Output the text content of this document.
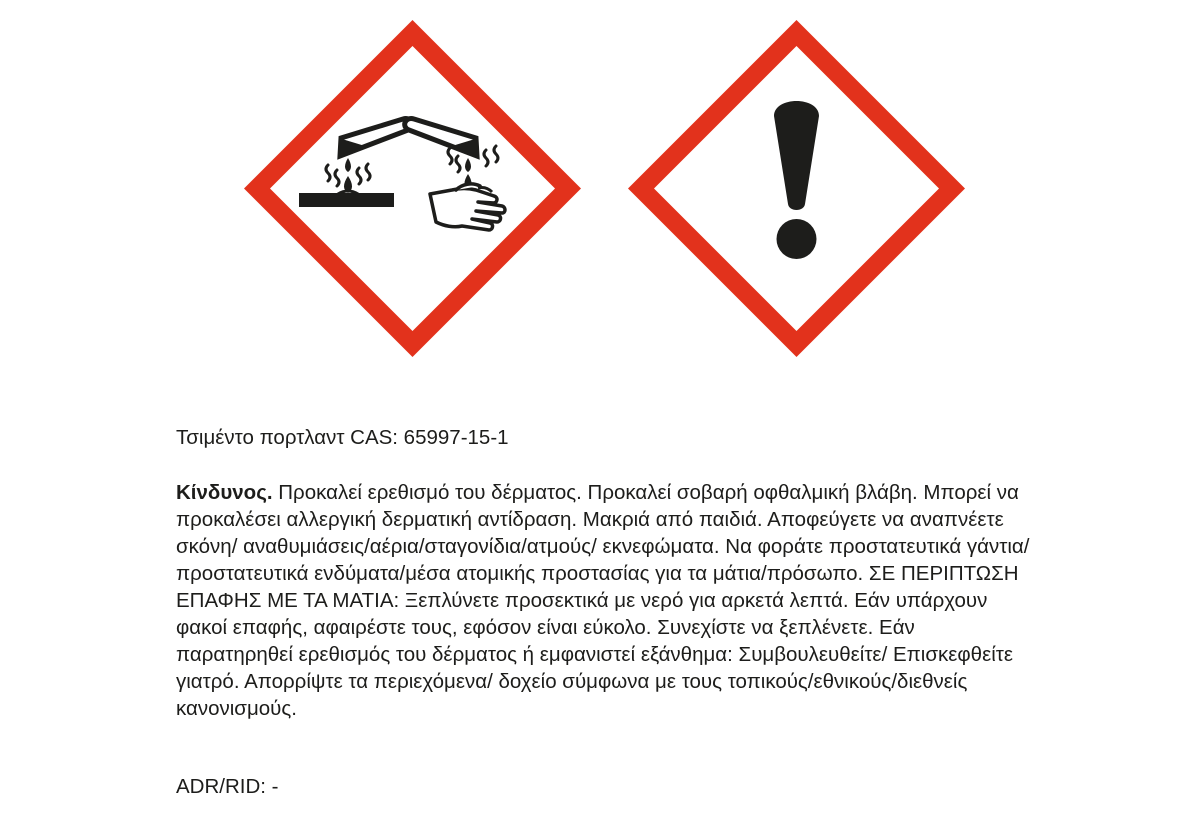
Τσιμέντο πορτλαντ CAS: 65997-15-1
Κίνδυνος. Προκαλεί ερεθισμό του δέρματος. Προκαλεί σοβαρή οφθαλμική βλάβη. Μπορεί να προκαλέσει αλλεργική δερματική αντίδραση. Μακριά από παιδιά. Αποφεύγετε να αναπνέετε σκόνη/ αναθυμιάσεις/αέρια/σταγονίδια/ατμούς/ εκνεφώματα. Να φοράτε προστατευτικά γάντια/προστατευτικά ενδύματα/μέσα ατομικής προστασίας για τα μάτια/πρόσωπο. ΣΕ ΠΕΡΙΠΤΩΣΗ ΕΠΑΦΗΣ ΜΕ ΤΑ ΜΑΤΙΑ: Ξεπλύνετε προσεκτικά με νερό για αρκετά λεπτά. Εάν υπάρχουν φακοί επαφής, αφαιρέστε τους, εφόσον είναι εύκολο. Συνεχίστε να ξεπλένετε. Εάν παρατηρηθεί ερεθισμός του δέρματος ή εμφανιστεί εξάνθημα: Συμβουλευθείτε/ Επισκεφθείτε γιατρό. Απορρίψτε τα περιεχόμενα/ δοχείο σύμφωνα με τους τοπικούς/εθνικούς/διεθνείς κανονισμούς.
ADR/RID: -
